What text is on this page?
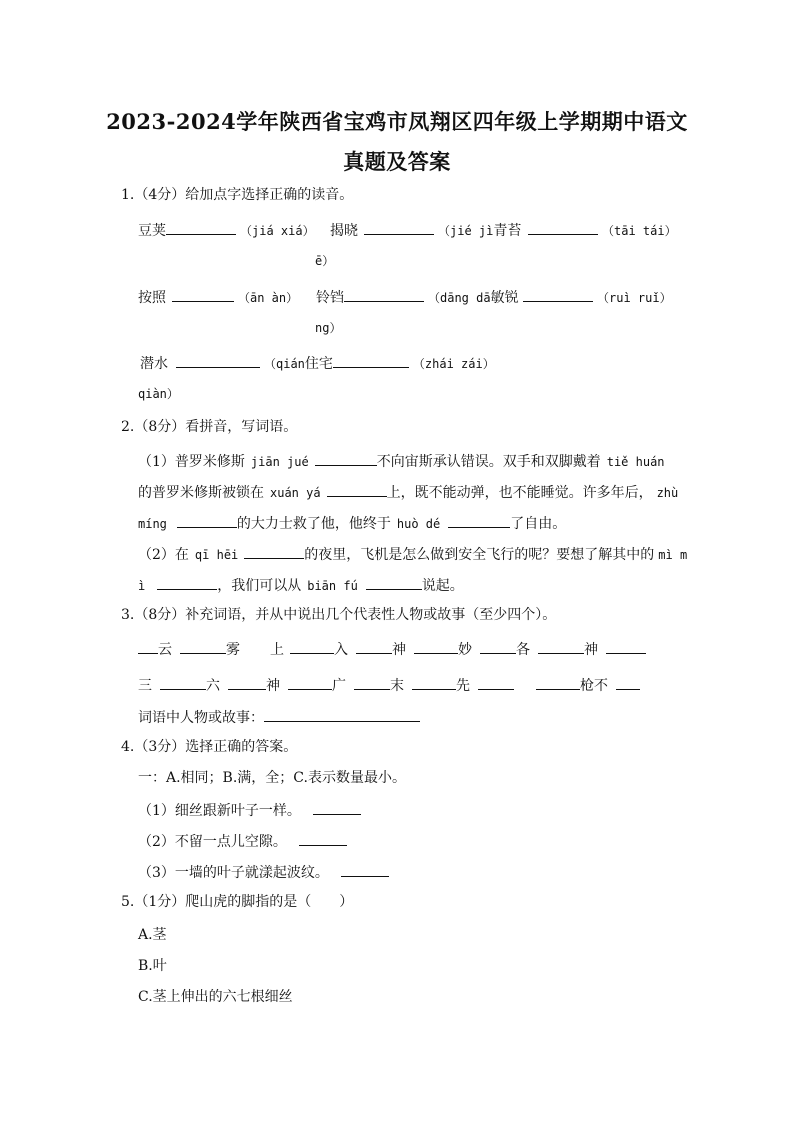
2023-2024学年陕西省宝鸡市凤翔区四年级上学期期中语文
真题及答案
1.（4分）给加点字选择正确的读音。
豆荚	（jiá xiá） 揭晓	（jié jì青苔	（tāi tái）
ē）
按照	（ān àn） 铃铛	（dāng dā敏锐	（ruì ruǐ）
ng）
潜水	（qián住宅	（zhái zái）
qiàn）
2.（8分）看拼音，写词语。
（1）普罗米修斯 jiān jué	不向宙斯承认错误。双手和双脚戴着 tiě huán
的普罗米修斯被锁在 xuán yá	上，既不能动弹，也不能睡觉。许多年后， zhù
míng	的大力士救了他，他终于 huò dé	了自由。
（2）在 qī hēi	的夜里，飞机是怎么做到安全飞行的呢？要想了解其中的 mì m
ì	，我们可以从 biān fú	说起。
3.（8分）补充词语，并从中说出几个代表性人物或故事（至少四个）。
云	雾 上	入	神	妙	各	神
三	六	神	广	末	先	枪不
词语中人物或故事：
4.（3分）选择正确的答案。
一：A.相同；B.满，全；C.表示数量最小。
（1）细丝跟新叶子一样。
（2）不留一点儿空隙。
（3）一墙的叶子就漾起波纹。
5.（1分）爬山虎的脚指的是（　　）
A.茎
B.叶
C.茎上伸出的六七根细丝
